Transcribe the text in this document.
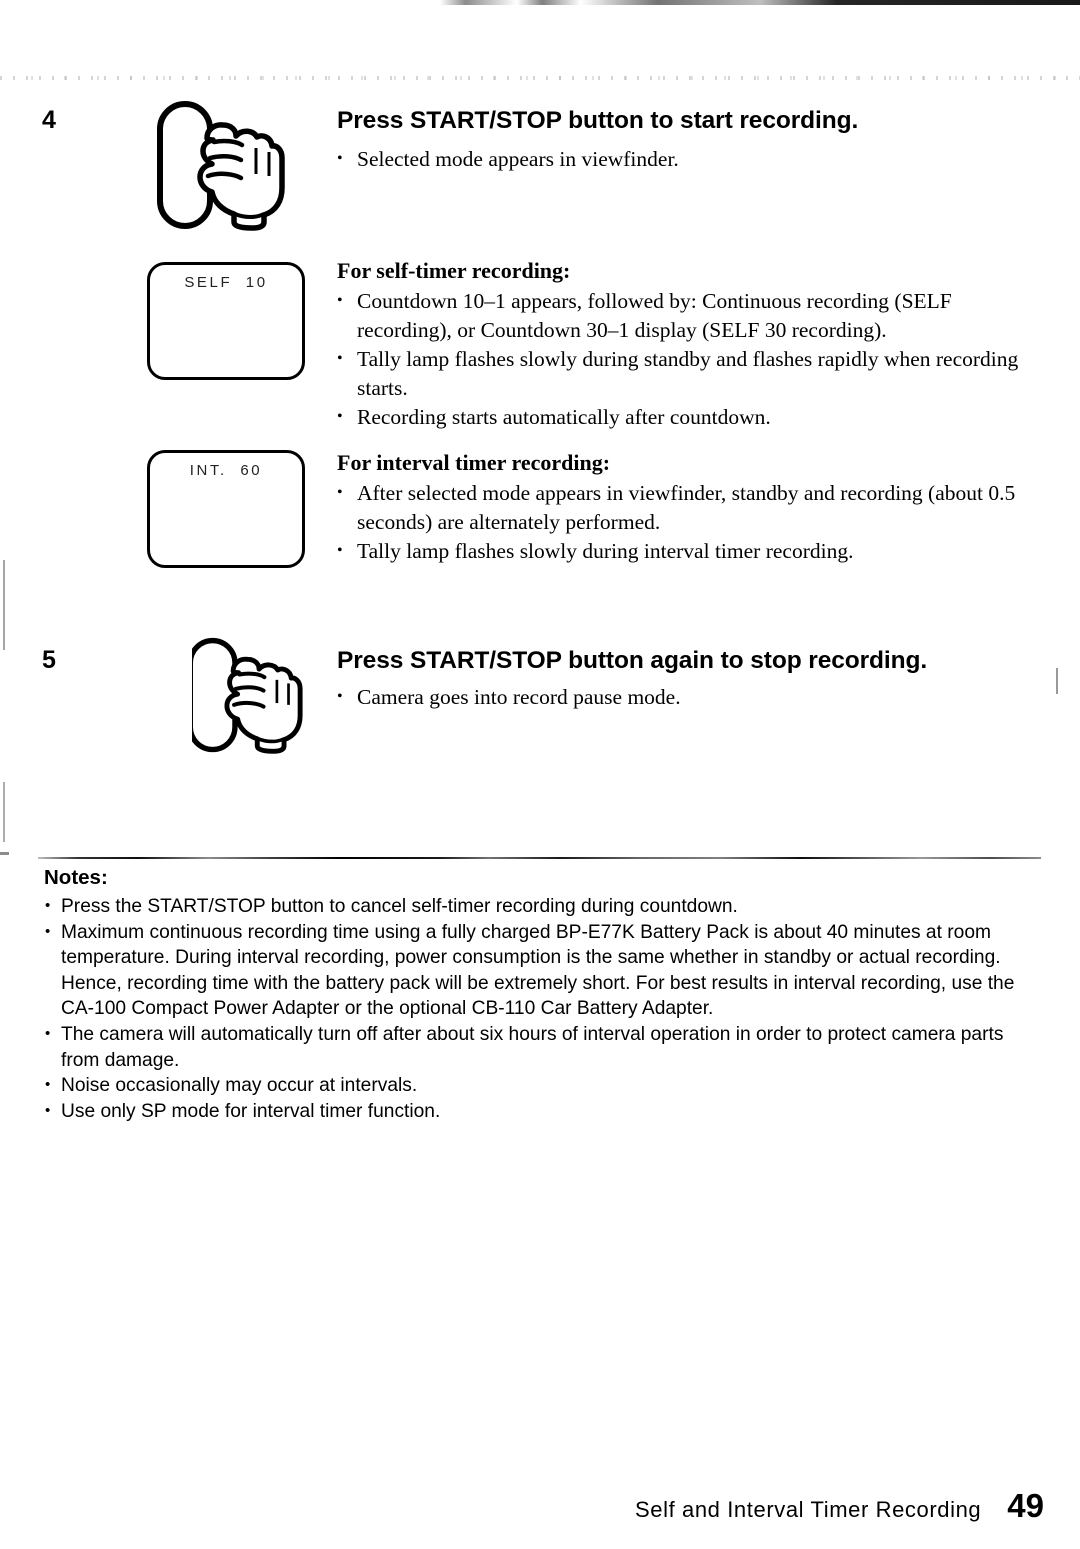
4	Press START/STOP button to start recording.
• Selected mode appears in viewfinder.
SELF  10	For self-timer recording:
• Countdown 10–1 appears, followed by: Continuous recording (SELF recording), or Countdown 30–1 display (SELF 30 recording).
• Tally lamp flashes slowly during standby and flashes rapidly when recording starts.
• Recording starts automatically after countdown.
INT.  60	For interval timer recording:
• After selected mode appears in viewfinder, standby and recording (about 0.5 seconds) are alternately performed.
• Tally lamp flashes slowly during interval timer recording.
5	Press START/STOP button again to stop recording.
• Camera goes into record pause mode.
Notes:
• Press the START/STOP button to cancel self-timer recording during countdown.
• Maximum continuous recording time using a fully charged BP-E77K Battery Pack is about 40 minutes at room temperature. During interval recording, power consumption is the same whether in standby or actual recording. Hence, recording time with the battery pack will be extremely short. For best results in interval recording, use the CA-100 Compact Power Adapter or the optional CB-110 Car Battery Adapter.
• The camera will automatically turn off after about six hours of interval operation in order to protect camera parts from damage.
• Noise occasionally may occur at intervals.
• Use only SP mode for interval timer function.
Self and Interval Timer Recording 49
